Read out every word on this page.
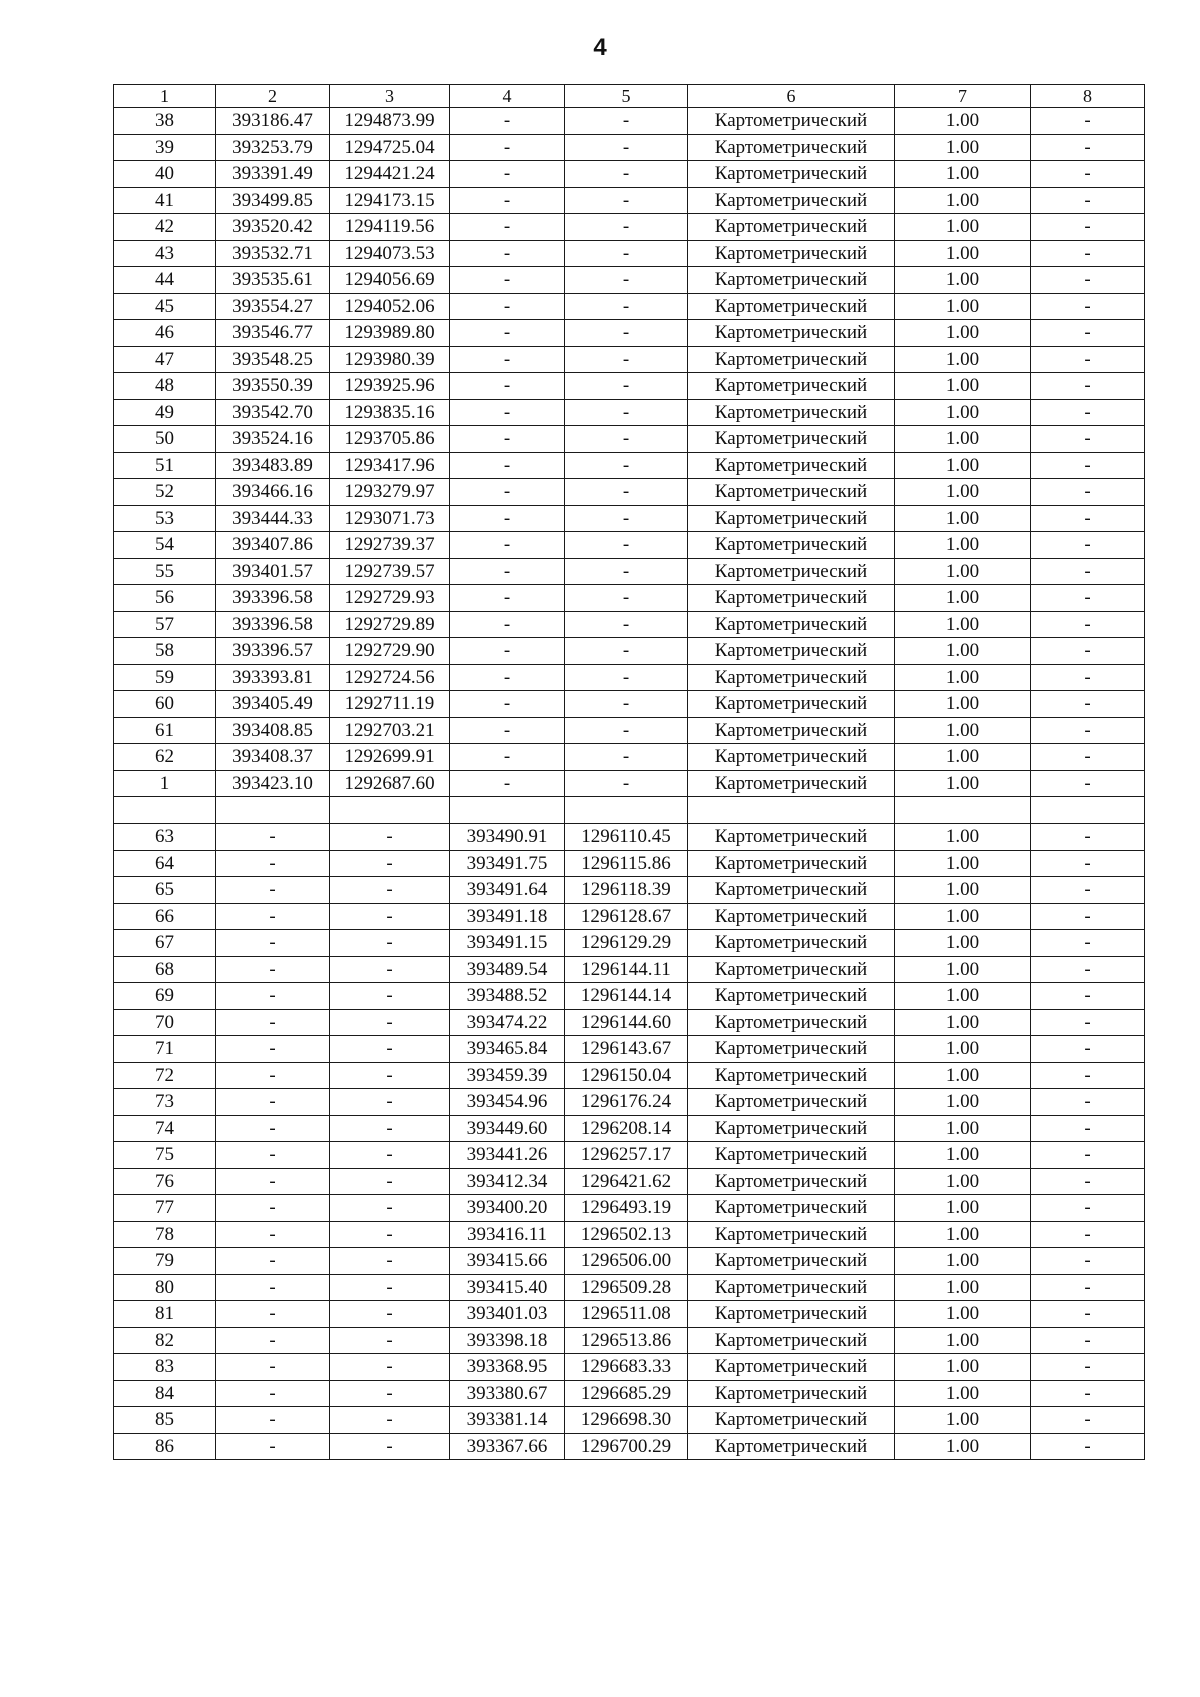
4
1	2	3	4	5	6	7	8
38	393186.47	1294873.99	-	-	Картометрический	1.00	-
39	393253.79	1294725.04	-	-	Картометрический	1.00	-
40	393391.49	1294421.24	-	-	Картометрический	1.00	-
41	393499.85	1294173.15	-	-	Картометрический	1.00	-
42	393520.42	1294119.56	-	-	Картометрический	1.00	-
43	393532.71	1294073.53	-	-	Картометрический	1.00	-
44	393535.61	1294056.69	-	-	Картометрический	1.00	-
45	393554.27	1294052.06	-	-	Картометрический	1.00	-
46	393546.77	1293989.80	-	-	Картометрический	1.00	-
47	393548.25	1293980.39	-	-	Картометрический	1.00	-
48	393550.39	1293925.96	-	-	Картометрический	1.00	-
49	393542.70	1293835.16	-	-	Картометрический	1.00	-
50	393524.16	1293705.86	-	-	Картометрический	1.00	-
51	393483.89	1293417.96	-	-	Картометрический	1.00	-
52	393466.16	1293279.97	-	-	Картометрический	1.00	-
53	393444.33	1293071.73	-	-	Картометрический	1.00	-
54	393407.86	1292739.37	-	-	Картометрический	1.00	-
55	393401.57	1292739.57	-	-	Картометрический	1.00	-
56	393396.58	1292729.93	-	-	Картометрический	1.00	-
57	393396.58	1292729.89	-	-	Картометрический	1.00	-
58	393396.57	1292729.90	-	-	Картометрический	1.00	-
59	393393.81	1292724.56	-	-	Картометрический	1.00	-
60	393405.49	1292711.19	-	-	Картометрический	1.00	-
61	393408.85	1292703.21	-	-	Картометрический	1.00	-
62	393408.37	1292699.91	-	-	Картометрический	1.00	-
1	393423.10	1292687.60	-	-	Картометрический	1.00	-

63	-	-	393490.91	1296110.45	Картометрический	1.00	-
64	-	-	393491.75	1296115.86	Картометрический	1.00	-
65	-	-	393491.64	1296118.39	Картометрический	1.00	-
66	-	-	393491.18	1296128.67	Картометрический	1.00	-
67	-	-	393491.15	1296129.29	Картометрический	1.00	-
68	-	-	393489.54	1296144.11	Картометрический	1.00	-
69	-	-	393488.52	1296144.14	Картометрический	1.00	-
70	-	-	393474.22	1296144.60	Картометрический	1.00	-
71	-	-	393465.84	1296143.67	Картометрический	1.00	-
72	-	-	393459.39	1296150.04	Картометрический	1.00	-
73	-	-	393454.96	1296176.24	Картометрический	1.00	-
74	-	-	393449.60	1296208.14	Картометрический	1.00	-
75	-	-	393441.26	1296257.17	Картометрический	1.00	-
76	-	-	393412.34	1296421.62	Картометрический	1.00	-
77	-	-	393400.20	1296493.19	Картометрический	1.00	-
78	-	-	393416.11	1296502.13	Картометрический	1.00	-
79	-	-	393415.66	1296506.00	Картометрический	1.00	-
80	-	-	393415.40	1296509.28	Картометрический	1.00	-
81	-	-	393401.03	1296511.08	Картометрический	1.00	-
82	-	-	393398.18	1296513.86	Картометрический	1.00	-
83	-	-	393368.95	1296683.33	Картометрический	1.00	-
84	-	-	393380.67	1296685.29	Картометрический	1.00	-
85	-	-	393381.14	1296698.30	Картометрический	1.00	-
86	-	-	393367.66	1296700.29	Картометрический	1.00	-
